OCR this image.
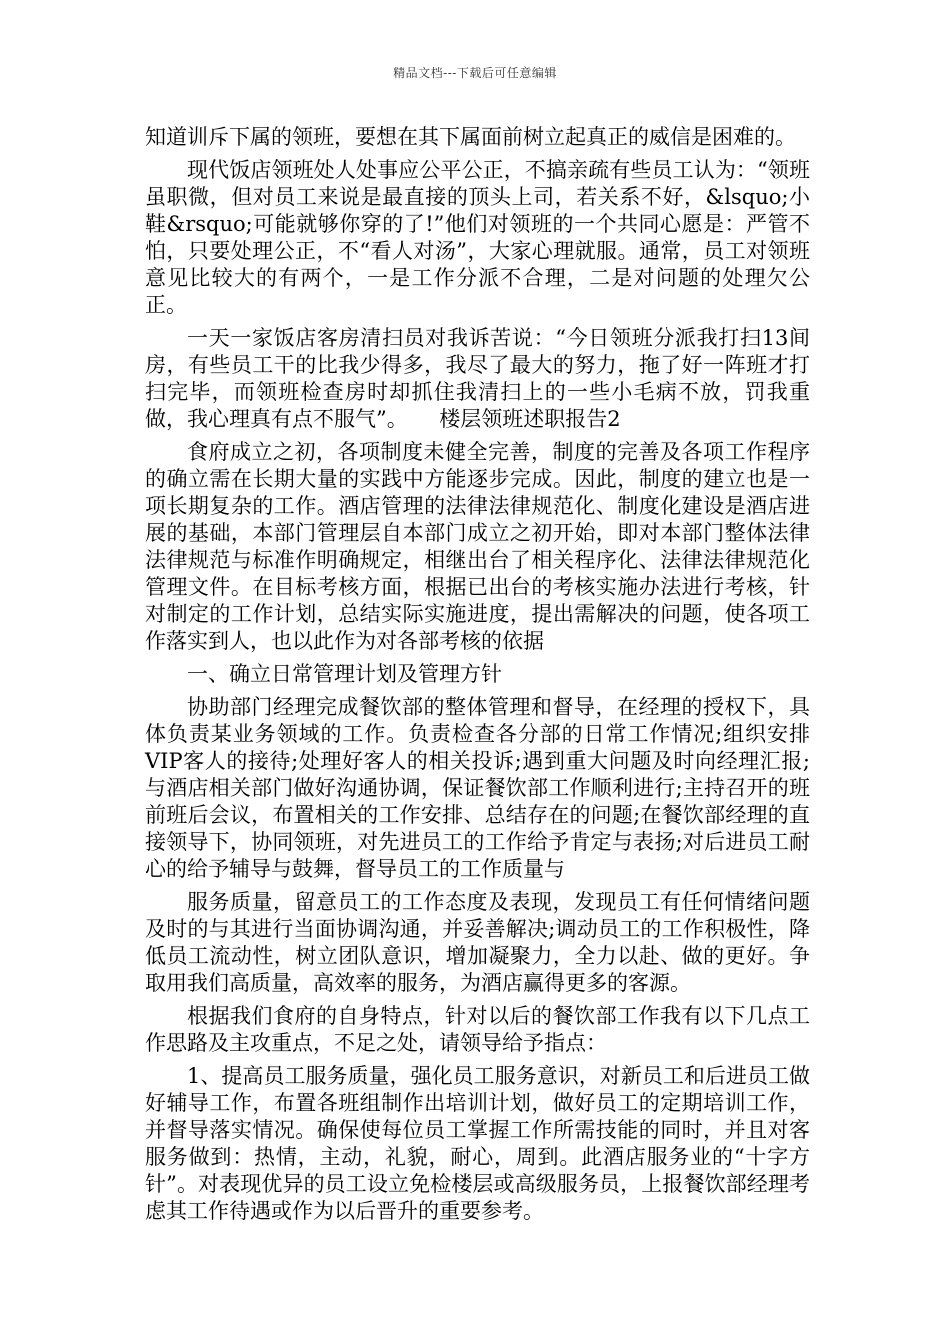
精品文档---下载后可任意编辑

知道训斥下属的领班，要想在其下属面前树立起真正的威信是困难的。

现代饭店领班处人处事应公平公正，不搞亲疏有些员工认为：“领班虽职微，但对员工来说是最直接的顶头上司，若关系不好，&lsquo;小鞋&rsquo;可能就够你穿的了!”他们对领班的一个共同心愿是：严管不怕，只要处理公正，不“看人对汤”，大家心理就服。通常，员工对领班意见比较大的有两个，一是工作分派不合理，二是对问题的处理欠公正。

一天一家饭店客房清扫员对我诉苦说：“今日领班分派我打扫13间房，有些员工干的比我少得多，我尽了最大的努力，拖了好一阵班才打扫完毕，而领班检查房时却抓住我清扫上的一些小毛病不放，罚我重做，我心理真有点不服气”。　　楼层领班述职报告2

食府成立之初，各项制度未健全完善，制度的完善及各项工作程序的确立需在长期大量的实践中方能逐步完成。因此，制度的建立也是一项长期复杂的工作。酒店管理的法律法律规范化、制度化建设是酒店进展的基础，本部门管理层自本部门成立之初开始，即对本部门整体法律法律规范与标准作明确规定，相继出台了相关程序化、法律法律规范化管理文件。在目标考核方面，根据已出台的考核实施办法进行考核，针对制定的工作计划，总结实际实施进度，提出需解决的问题，使各项工作落实到人，也以此作为对各部考核的依据

一、确立日常管理计划及管理方针

协助部门经理完成餐饮部的整体管理和督导，在经理的授权下，具体负责某业务领域的工作。负责检查各分部的日常工作情况;组织安排VIP客人的接待;处理好客人的相关投诉;遇到重大问题及时向经理汇报;与酒店相关部门做好沟通协调，保证餐饮部工作顺利进行;主持召开的班前班后会议，布置相关的工作安排、总结存在的问题;在餐饮部经理的直接领导下，协同领班，对先进员工的工作给予肯定与表扬;对后进员工耐心的给予辅导与鼓舞，督导员工的工作质量与

服务质量，留意员工的工作态度及表现，发现员工有任何情绪问题及时的与其进行当面协调沟通，并妥善解决;调动员工的工作积极性，降低员工流动性，树立团队意识，增加凝聚力，全力以赴、做的更好。争取用我们高质量，高效率的服务，为酒店赢得更多的客源。

根据我们食府的自身特点，针对以后的餐饮部工作我有以下几点工作思路及主攻重点，不足之处，请领导给予指点：

1、提高员工服务质量，强化员工服务意识，对新员工和后进员工做好辅导工作，布置各班组制作出培训计划，做好员工的定期培训工作，并督导落实情况。确保使每位员工掌握工作所需技能的同时，并且对客服务做到：热情，主动，礼貌，耐心，周到。此酒店服务业的“十字方针”。对表现优异的员工设立免检楼层或高级服务员，上报餐饮部经理考虑其工作待遇或作为以后晋升的重要参考。
